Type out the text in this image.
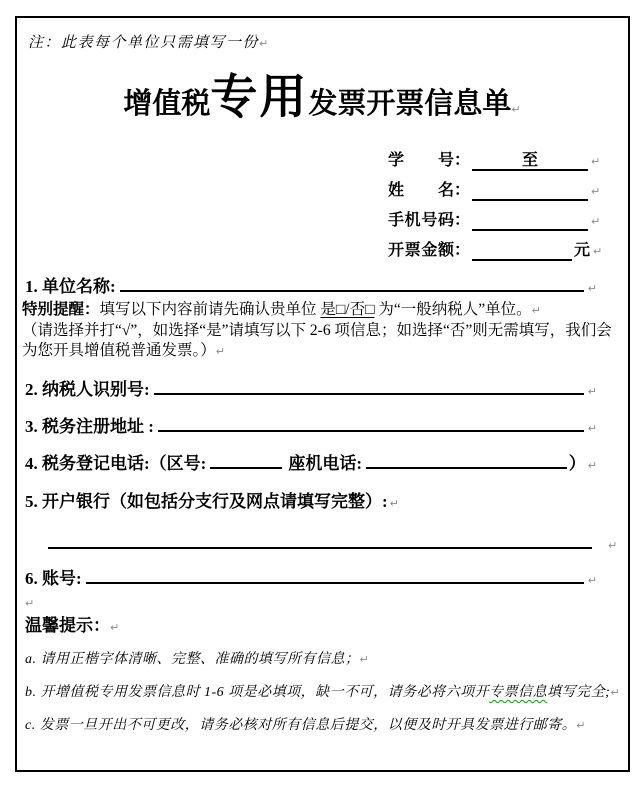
注：此表每个单位只需填写一份↵
增值税专用发票开票信息单↵
学号：	至	↵
姓名：	↵
手机号码：	↵
开票金额：	元 ↵
1. 单位名称:	↵
特别提醒：填写以下内容前请先确认贵单位 是□/否□ 为“一般纳税人”单位。↵
（请选择并打“√”，如选择“是”请填写以下 2-6 项信息；如选择“否”则无需填写，我们会为您开具增值税普通发票。）↵
2. 纳税人识别号:	↵
3. 税务注册地址 :	↵
4. 税务登记电话:（区号:	座机电话:	） ↵
5. 开户银行（如包括分支行及网点请填写完整）: ↵
↵
6. 账号:	↵
↵
温馨提示：↵
a. 请用正楷字体清晰、完整、准确的填写所有信息；↵
b. 开增值税专用发票信息时 1-6 项是必填项，缺一不可，请务必将六项开专票信息填写完全;↵
c. 发票一旦开出不可更改，请务必核对所有信息后提交，以便及时开具发票进行邮寄。↵
